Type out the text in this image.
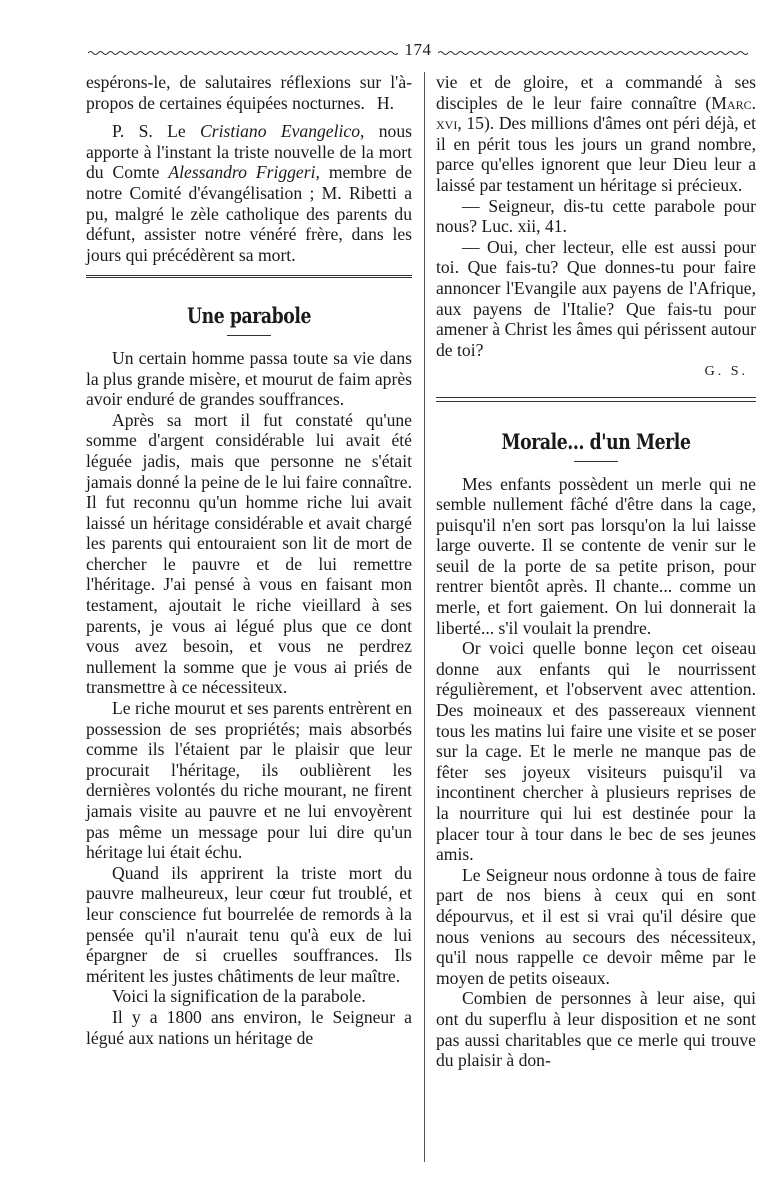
174

espérons-le, de salutaires réflexions sur l'à-propos de certaines équipées nocturnes. H.

P. S. Le Cristiano Evangelico, nous apporte à l'instant la triste nouvelle de la mort du Comte Alessandro Friggeri, membre de notre Comité d'évangélisation ; M. Ribetti a pu, malgré le zèle catholique des parents du défunt, assister notre vénéré frère, dans les jours qui précédèrent sa mort.

Une parabole

Un certain homme passa toute sa vie dans la plus grande misère, et mourut de faim après avoir enduré de grandes souffrances.

Après sa mort il fut constaté qu'une somme d'argent considérable lui avait été léguée jadis, mais que personne ne s'était jamais donné la peine de le lui faire connaître. Il fut reconnu qu'un homme riche lui avait laissé un héritage considérable et avait chargé les parents qui entouraient son lit de mort de chercher le pauvre et de lui remettre l'héritage. J'ai pensé à vous en faisant mon testament, ajoutait le riche vieillard à ses parents, je vous ai légué plus que ce dont vous avez besoin, et vous ne perdrez nullement la somme que je vous ai priés de transmettre à ce nécessiteux.

Le riche mourut et ses parents entrèrent en possession de ses propriétés; mais absorbés comme ils l'étaient par le plaisir que leur procurait l'héritage, ils oublièrent les dernières volontés du riche mourant, ne firent jamais visite au pauvre et ne lui envoyèrent pas même un message pour lui dire qu'un héritage lui était échu.

Quand ils apprirent la triste mort du pauvre malheureux, leur cœur fut troublé, et leur conscience fut bourrelée de remords à la pensée qu'il n'aurait tenu qu'à eux de lui épargner de si cruelles souffrances. Ils méritent les justes châtiments de leur maître.

Voici la signification de la parabole.

Il y a 1800 ans environ, le Seigneur a légué aux nations un héritage de

vie et de gloire, et a commandé à ses disciples de le leur faire connaître (Marc. xvi, 15). Des millions d'âmes ont péri déjà, et il en périt tous les jours un grand nombre, parce qu'elles ignorent que leur Dieu leur a laissé par testament un héritage si précieux.

— Seigneur, dis-tu cette parabole pour nous? Luc. xii, 41.

— Oui, cher lecteur, elle est aussi pour toi. Que fais-tu? Que donnes-tu pour faire annoncer l'Evangile aux payens de l'Afrique, aux payens de l'Italie? Que fais-tu pour amener à Christ les âmes qui périssent autour de toi?

G. S.
Morale... d'un Merle

Mes enfants possèdent un merle qui ne semble nullement fâché d'être dans la cage, puisqu'il n'en sort pas lorsqu'on la lui laisse large ouverte. Il se contente de venir sur le seuil de la porte de sa petite prison, pour rentrer bientôt après. Il chante... comme un merle, et fort gaiement. On lui donnerait la liberté... s'il voulait la prendre.

Or voici quelle bonne leçon cet oiseau donne aux enfants qui le nourrissent régulièrement, et l'observent avec attention. Des moineaux et des passereaux viennent tous les matins lui faire une visite et se poser sur la cage. Et le merle ne manque pas de fêter ses joyeux visiteurs puisqu'il va incontinent chercher à plusieurs reprises de la nourriture qui lui est destinée pour la placer tour à tour dans le bec de ses jeunes amis.

Le Seigneur nous ordonne à tous de faire part de nos biens à ceux qui en sont dépourvus, et il est si vrai qu'il désire que nous venions au secours des nécessiteux, qu'il nous rappelle ce devoir même par le moyen de petits oiseaux.

Combien de personnes à leur aise, qui ont du superflu à leur disposition et ne sont pas aussi charitables que ce merle qui trouve du plaisir à don-
